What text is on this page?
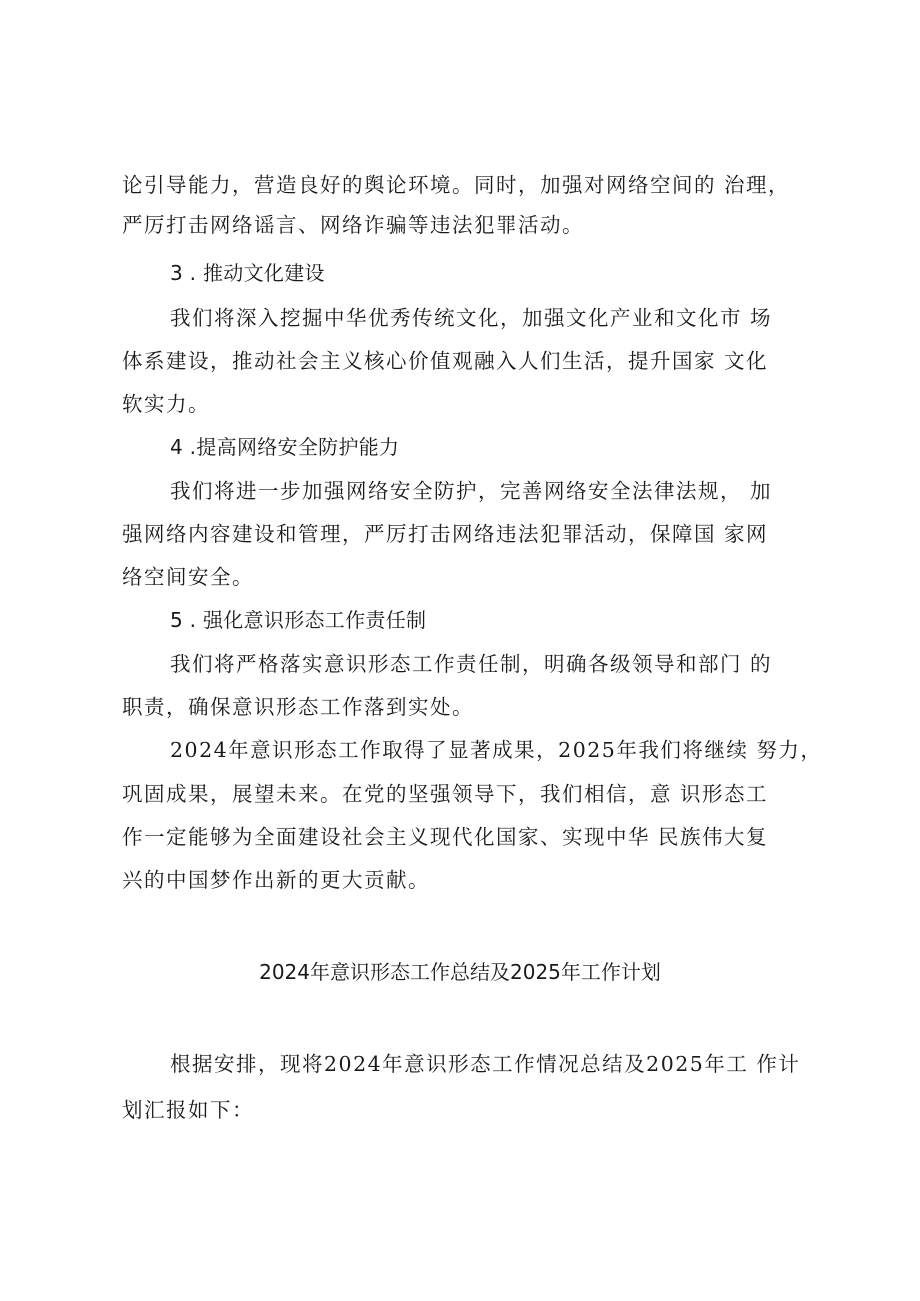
论引导能力，营造良好的舆论环境。同时，加强对网络空间的 治理，
严厉打击网络谣言、网络诈骗等违法犯罪活动。
3 . 推动文化建设
我们将深入挖掘中华优秀传统文化，加强文化产业和文化市 场
体系建设，推动社会主义核心价值观融入人们生活，提升国家 文化
软实力。
4 .提高网络安全防护能力
我们将进一步加强网络安全防护，完善网络安全法律法规， 加
强网络内容建设和管理，严厉打击网络违法犯罪活动，保障国 家网
络空间安全。
5 . 强化意识形态工作责任制
我们将严格落实意识形态工作责任制，明确各级领导和部门 的
职责，确保意识形态工作落到实处。
2024年意识形态工作取得了显著成果，2025年我们将继续 努力，
巩固成果，展望未来。在党的坚强领导下，我们相信，意 识形态工
作一定能够为全面建设社会主义现代化国家、实现中华 民族伟大复
兴的中国梦作出新的更大贡献。
2024年意识形态工作总结及2025年工作计划
根据安排，现将2024年意识形态工作情况总结及2025年工 作计
划汇报如下：
